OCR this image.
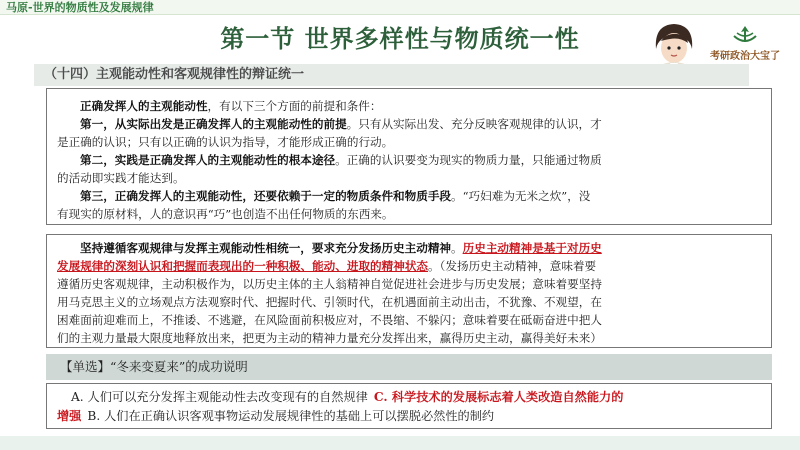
马原-世界的物质性及发展规律
第一节 世界多样性与物质统一性
考研政治大宝了
（十四）主观能动性和客观规律性的辩证统一
正确发挥人的主观能动性，有以下三个方面的前提和条件：
第一，从实际出发是正确发挥人的主观能动性的前提。只有从实际出发、充分反映客观规律的认识，才
是正确的认识；只有以正确的认识为指导，才能形成正确的行动。
第二，实践是正确发挥人的主观能动性的根本途径。正确的认识要变为现实的物质力量，只能通过物质
的活动即实践才能达到。
第三，正确发挥人的主观能动性，还要依赖于一定的物质条件和物质手段。“巧妇难为无米之炊”，没
有现实的原材料，人的意识再“巧”也创造不出任何物质的东西来。
坚持遵循客观规律与发挥主观能动性相统一，要求充分发扬历史主动精神。历史主动精神是基于对历史
发展规律的深刻认识和把握而表现出的一种积极、能动、进取的精神状态。（发扬历史主动精神，意味着要
遵循历史客观规律，主动积极作为，以历史主体的主人翁精神自觉促进社会进步与历史发展；意味着要坚持
用马克思主义的立场观点方法观察时代、把握时代、引领时代，在机遇面前主动出击，不犹豫、不观望，在
困难面前迎难而上，不推诿、不逃避，在风险面前积极应对，不畏缩、不躲闪；意味着要在砥砺奋进中把人
们的主观力量最大限度地释放出来，把更为主动的精神力量充分发挥出来，赢得历史主动，赢得美好未来）
【单选】“冬来变夏来”的成功说明
A. 人们可以充分发挥主观能动性去改变现有的自然规律 C. 科学技术的发展标志着人类改造自然能力的
增强 B. 人们在正确认识客观事物运动发展规律性的基础上可以摆脱必然性的制约
